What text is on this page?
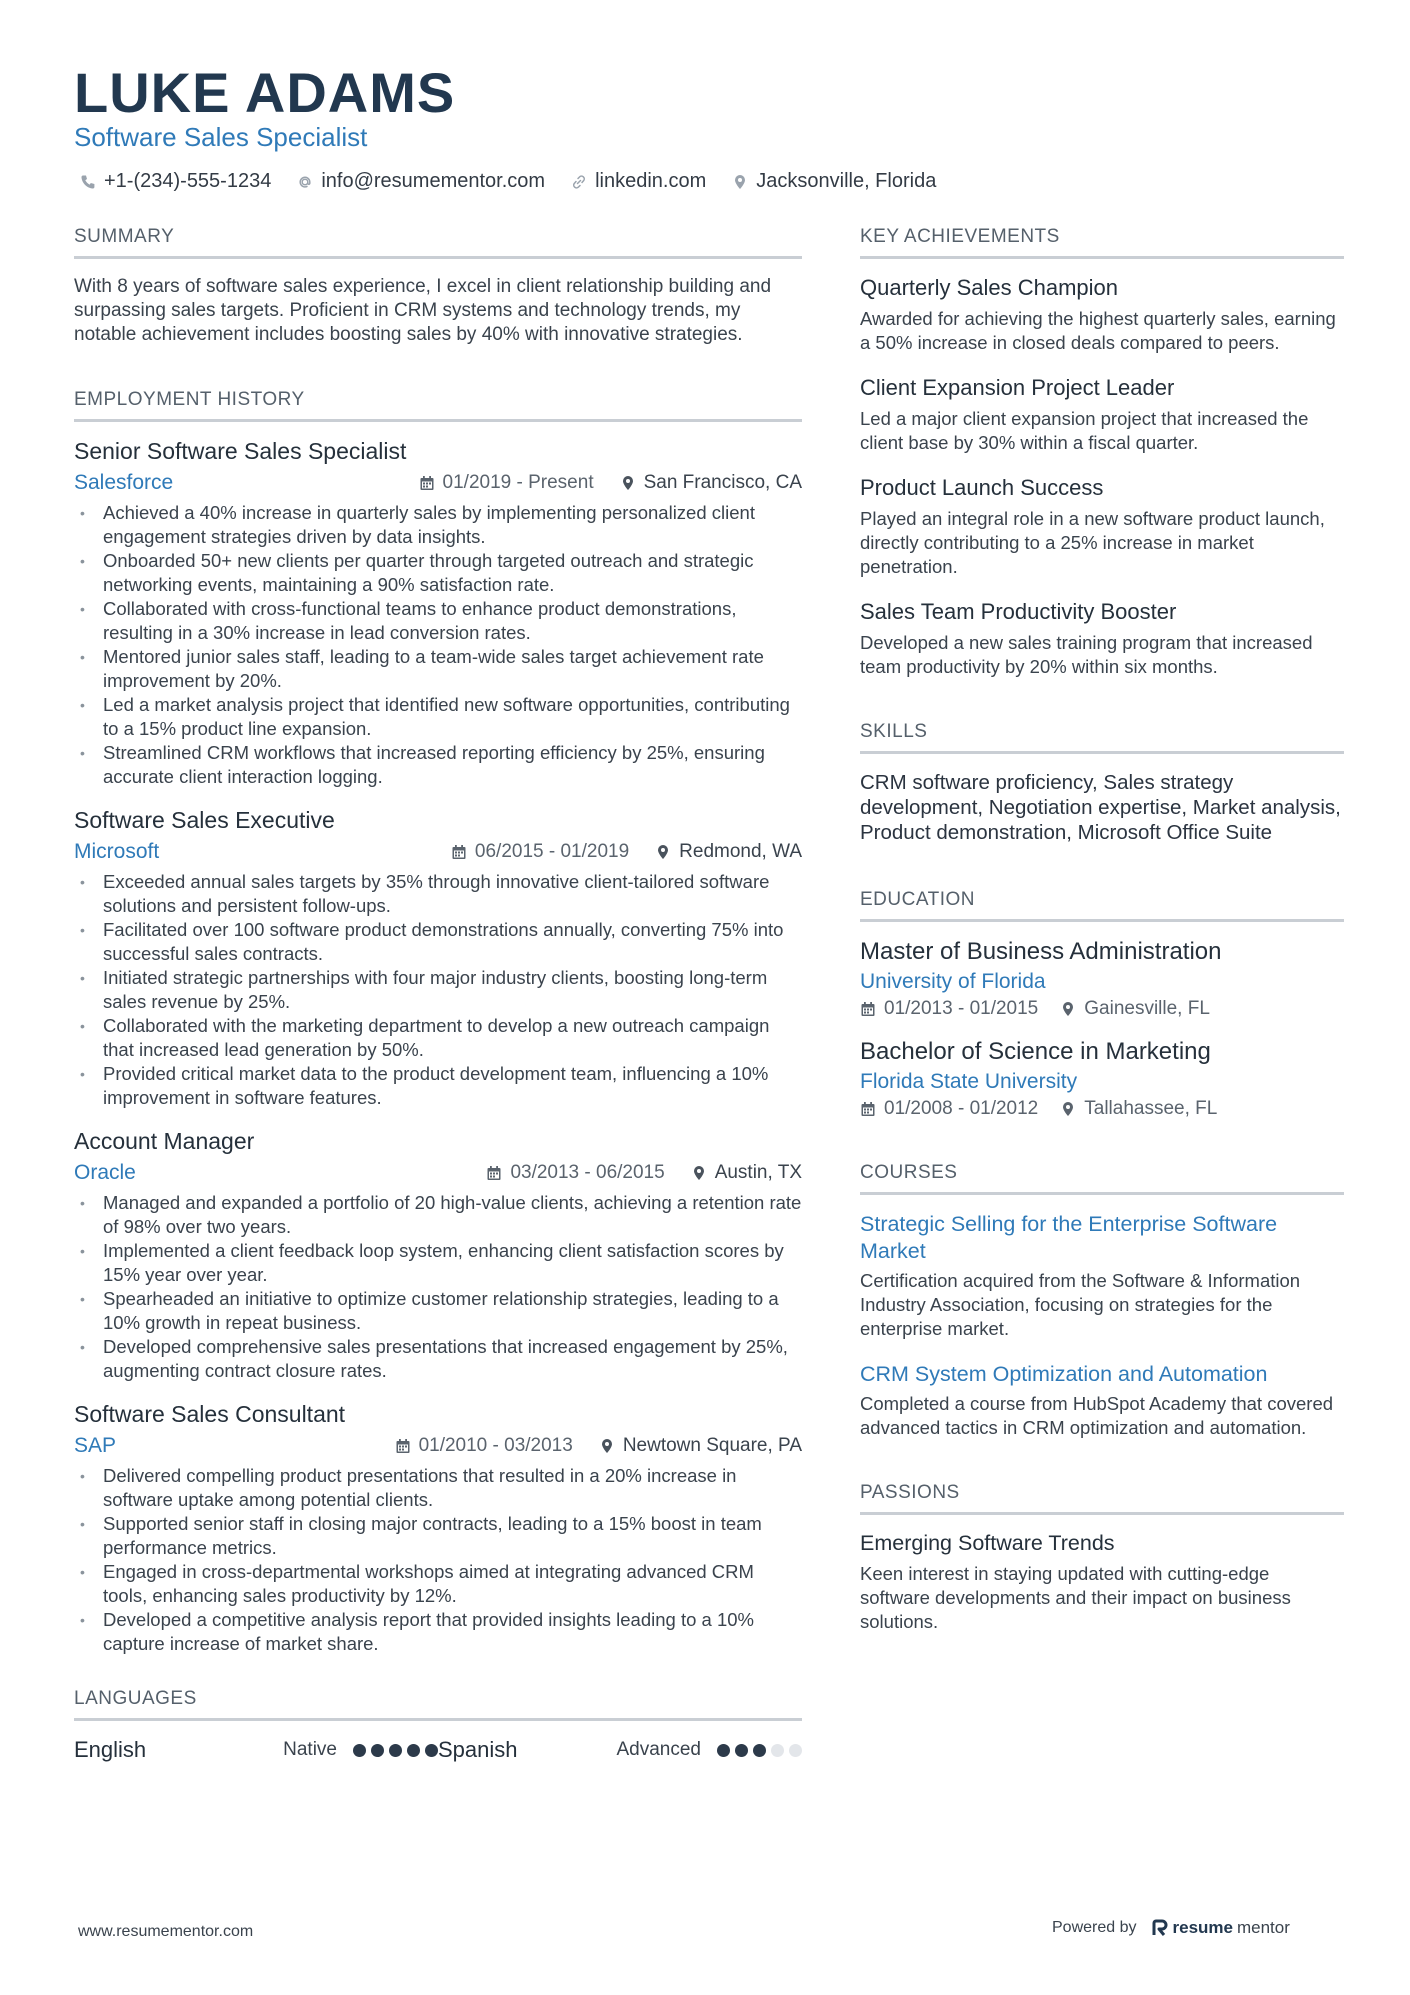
LUKE ADAMS
Software Sales Specialist
+1-(234)-555-1234	info@resumementor.com	linkedin.com	Jacksonville, Florida
SUMMARY
With 8 years of software sales experience, I excel in client relationship building and surpassing sales targets. Proficient in CRM systems and technology trends, my notable achievement includes boosting sales by 40% with innovative strategies.
EMPLOYMENT HISTORY
Senior Software Sales Specialist
Salesforce	01/2019 - Present	San Francisco, CA
• Achieved a 40% increase in quarterly sales by implementing personalized client engagement strategies driven by data insights.
• Onboarded 50+ new clients per quarter through targeted outreach and strategic networking events, maintaining a 90% satisfaction rate.
• Collaborated with cross-functional teams to enhance product demonstrations, resulting in a 30% increase in lead conversion rates.
• Mentored junior sales staff, leading to a team-wide sales target achievement rate improvement by 20%.
• Led a market analysis project that identified new software opportunities, contributing to a 15% product line expansion.
• Streamlined CRM workflows that increased reporting efficiency by 25%, ensuring accurate client interaction logging.
Software Sales Executive
Microsoft	06/2015 - 01/2019	Redmond, WA
• Exceeded annual sales targets by 35% through innovative client-tailored software solutions and persistent follow-ups.
• Facilitated over 100 software product demonstrations annually, converting 75% into successful sales contracts.
• Initiated strategic partnerships with four major industry clients, boosting long-term sales revenue by 25%.
• Collaborated with the marketing department to develop a new outreach campaign that increased lead generation by 50%.
• Provided critical market data to the product development team, influencing a 10% improvement in software features.
Account Manager
Oracle	03/2013 - 06/2015	Austin, TX
• Managed and expanded a portfolio of 20 high-value clients, achieving a retention rate of 98% over two years.
• Implemented a client feedback loop system, enhancing client satisfaction scores by 15% year over year.
• Spearheaded an initiative to optimize customer relationship strategies, leading to a 10% growth in repeat business.
• Developed comprehensive sales presentations that increased engagement by 25%, augmenting contract closure rates.
Software Sales Consultant
SAP	01/2010 - 03/2013	Newtown Square, PA
• Delivered compelling product presentations that resulted in a 20% increase in software uptake among potential clients.
• Supported senior staff in closing major contracts, leading to a 15% boost in team performance metrics.
• Engaged in cross-departmental workshops aimed at integrating advanced CRM tools, enhancing sales productivity by 12%.
• Developed a competitive analysis report that provided insights leading to a 10% capture increase of market share.
LANGUAGES
English	Native	Spanish	Advanced
KEY ACHIEVEMENTS
Quarterly Sales Champion
Awarded for achieving the highest quarterly sales, earning a 50% increase in closed deals compared to peers.
Client Expansion Project Leader
Led a major client expansion project that increased the client base by 30% within a fiscal quarter.
Product Launch Success
Played an integral role in a new software product launch, directly contributing to a 25% increase in market penetration.
Sales Team Productivity Booster
Developed a new sales training program that increased team productivity by 20% within six months.
SKILLS
CRM software proficiency, Sales strategy development, Negotiation expertise, Market analysis, Product demonstration, Microsoft Office Suite
EDUCATION
Master of Business Administration
University of Florida
01/2013 - 01/2015 Gainesville, FL
Bachelor of Science in Marketing
Florida State University
01/2008 - 01/2012 Tallahassee, FL
COURSES
Strategic Selling for the Enterprise Software Market
Certification acquired from the Software & Information Industry Association, focusing on strategies for the enterprise market.
CRM System Optimization and Automation
Completed a course from HubSpot Academy that covered advanced tactics in CRM optimization and automation.
PASSIONS
Emerging Software Trends
Keen interest in staying updated with cutting-edge software developments and their impact on business solutions.
www.resumementor.com	Powered by resume mentor
